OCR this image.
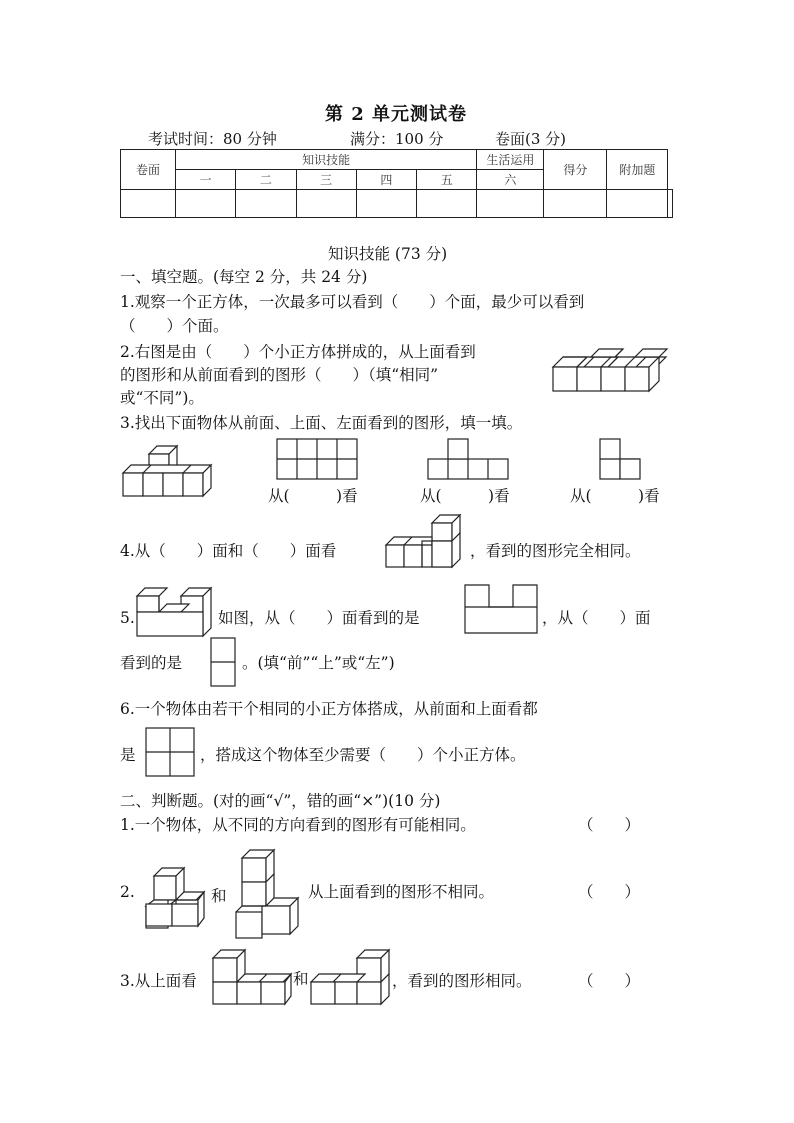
第 2 单元测试卷
考试时间：80 分钟	满分：100 分	卷面(3 分)
卷面	知识技能					生活运用	得分	附加题	
	一	二	三	四	五	六			

知识技能 (73 分)
一、填空题。(每空 2 分，共 24 分)
1.观察一个正方体，一次最多可以看到（　　）个面，最少可以看到
（　　）个面。
2.右图是由（　　）个小正方体拼成的，从上面看到
的图形和从前面看到的图形（　　）（填“相同”
或“不同”)。
3.找出下面物体从前面、上面、左面看到的图形，填一填。
从(　　　)看	从(　　　)看	从(　　　)看
4.从（　　）面和（　　）面看	，看到的图形完全相同。
5.	如图，从（　　）面看到的是	，从（　　）面
看到的是	。(填“前”“上”或“左”)
6.一个物体由若干个相同的小正方体搭成，从前面和上面看都
是	，搭成这个物体至少需要（　　）个小正方体。
二、判断题。(对的画“√”，错的画“×”)(10 分)
1.一个物体，从不同的方向看到的图形有可能相同。	（　　）
2.	和	从上面看到的图形不相同。	（　　）
3.从上面看	和	，看到的图形相同。	（　　）
